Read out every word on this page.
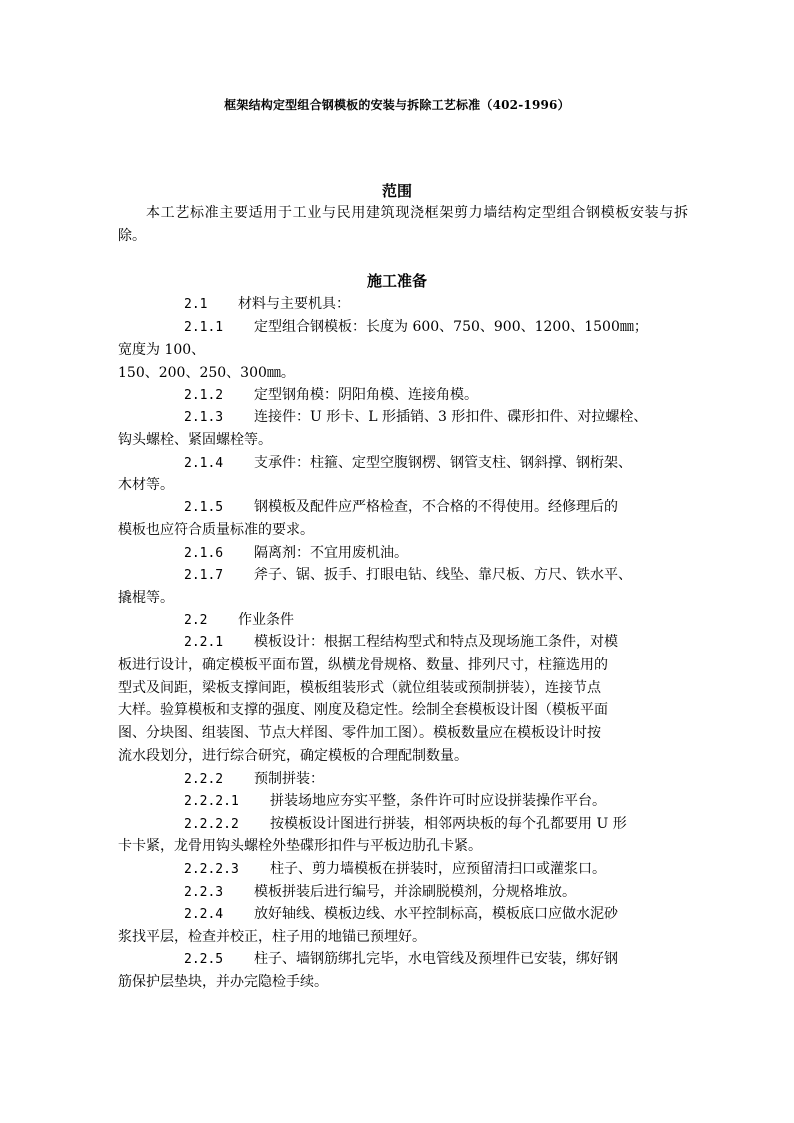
框架结构定型组合钢模板的安装与拆除工艺标准（402-1996）
范围
本工艺标准主要适用于工业与民用建筑现浇框架剪力墙结构定型组合钢模板安装与拆除。
施工准备
2.1 材料与主要机具：
2.1.1 定型组合钢模板：长度为 600、750、900、1200、1500㎜；
宽度为 100、
150、200、250、300㎜。
2.1.2 定型钢角模：阴阳角模、连接角模。
2.1.3 连接件：U 形卡、L 形插销、3 形扣件、碟形扣件、对拉螺栓、
钩头螺栓、紧固螺栓等。
2.1.4 支承件：柱箍、定型空腹钢楞、钢管支柱、钢斜撑、钢桁架、
木材等。
2.1.5 钢模板及配件应严格检查，不合格的不得使用。经修理后的
模板也应符合质量标准的要求。
2.1.6 隔离剂：不宜用废机油。
2.1.7 斧子、锯、扳手、打眼电钻、线坠、靠尺板、方尺、铁水平、
撬棍等。
2.2 作业条件
2.2.1 模板设计：根据工程结构型式和特点及现场施工条件，对模
板进行设计，确定模板平面布置，纵横龙骨规格、数量、排列尺寸，柱箍选用的
型式及间距，梁板支撑间距，模板组装形式（就位组装或预制拼装），连接节点
大样。验算模板和支撑的强度、刚度及稳定性。绘制全套模板设计图（模板平面
图、分块图、组装图、节点大样图、零件加工图）。模板数量应在模板设计时按
流水段划分，进行综合研究，确定模板的合理配制数量。
2.2.2 预制拼装：
2.2.2.1 拼装场地应夯实平整，条件许可时应设拼装操作平台。
2.2.2.2 按模板设计图进行拼装，相邻两块板的每个孔都要用 U 形
卡卡紧，龙骨用钩头螺栓外垫碟形扣件与平板边肋孔卡紧。
2.2.2.3 柱子、剪力墙模板在拼装时，应预留清扫口或灌浆口。
2.2.3 模板拼装后进行编号，并涂刷脱模剂，分规格堆放。
2.2.4 放好轴线、模板边线、水平控制标高，模板底口应做水泥砂
浆找平层，检查并校正，柱子用的地锚已预埋好。
2.2.5 柱子、墙钢筋绑扎完毕，水电管线及预埋件已安装，绑好钢
筋保护层垫块，并办完隐检手续。
